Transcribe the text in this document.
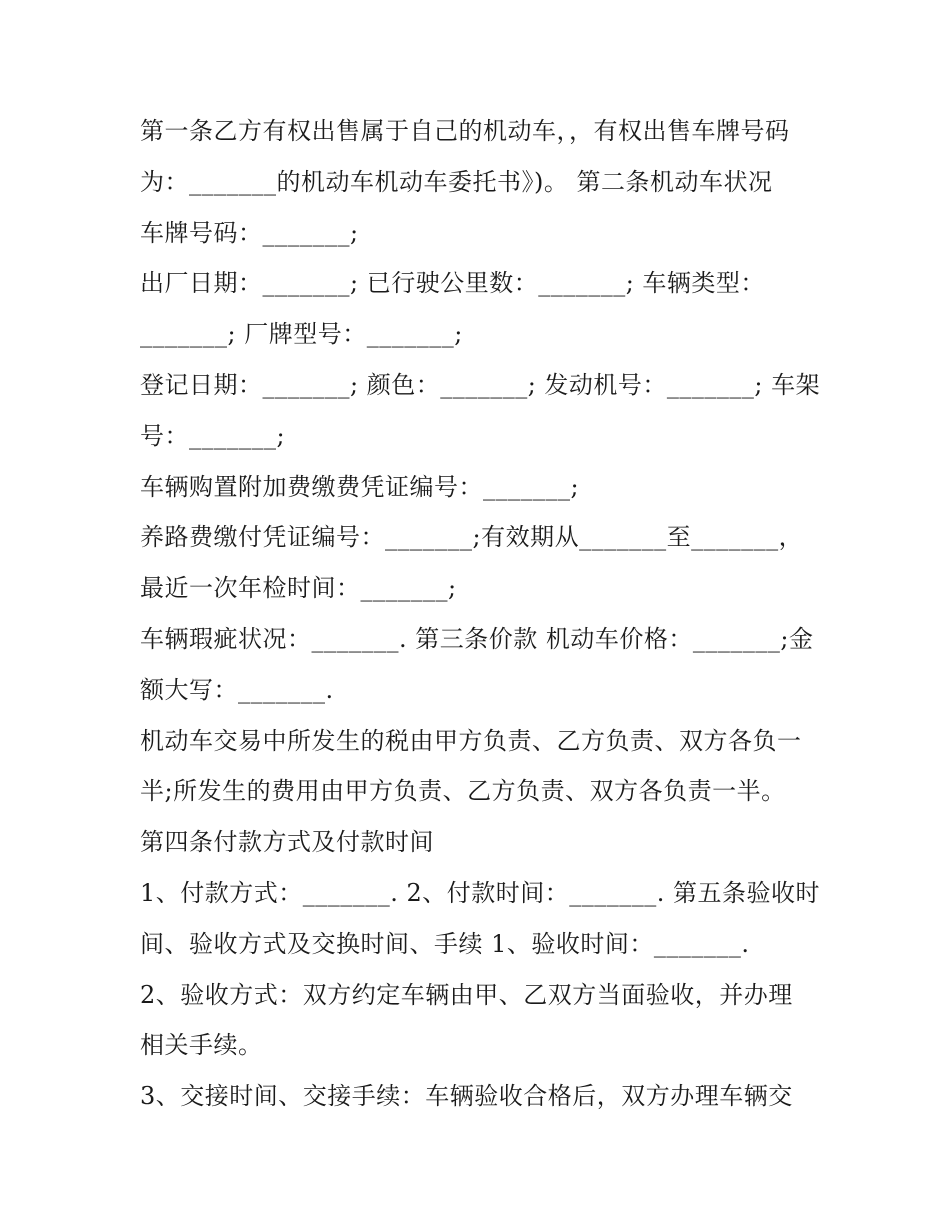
第一条乙方有权出售属于自己的机动车，，有权出售车牌号码
为：_______的机动车机动车委托书》)。 第二条机动车状况
车牌号码：_______;
出厂日期：_______; 已行驶公里数：_______; 车辆类型：
_______; 厂牌型号：_______;
登记日期：_______; 颜色：_______; 发动机号：_______; 车架
号：_______;
车辆购置附加费缴费凭证编号：_______;
养路费缴付凭证编号：_______;有效期从_______至_______，
最近一次年检时间：_______;
车辆瑕疵状况：_______. 第三条价款 机动车价格：_______;金
额大写：_______.
机动车交易中所发生的税由甲方负责、乙方负责、双方各负一
半;所发生的费用由甲方负责、乙方负责、双方各负责一半。
第四条付款方式及付款时间
1、付款方式：_______. 2、付款时间：_______. 第五条验收时
间、验收方式及交换时间、手续 1、验收时间：_______.
2、验收方式：双方约定车辆由甲、乙双方当面验收，并办理
相关手续。
3、交接时间、交接手续：车辆验收合格后，双方办理车辆交
